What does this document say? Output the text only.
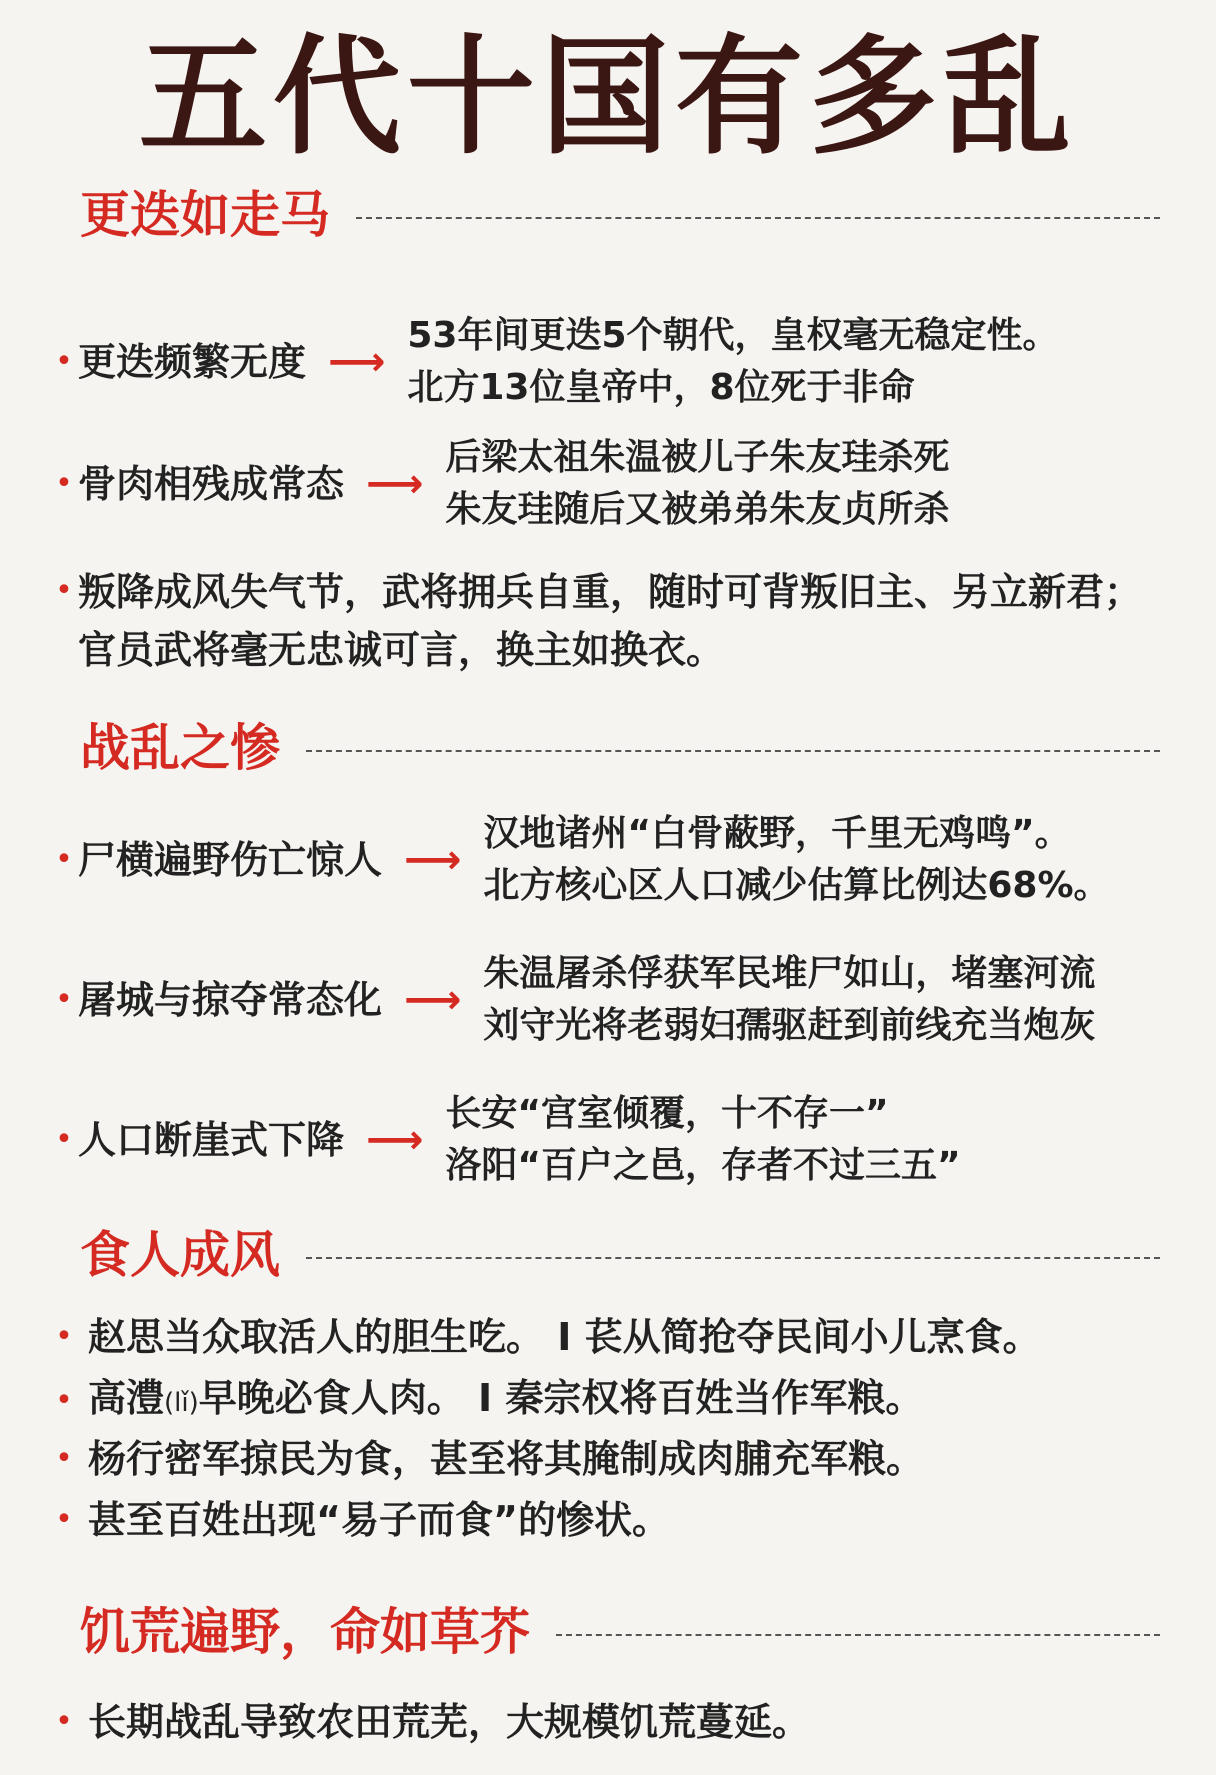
五代十国有多乱
更迭如走马
• 更迭频繁无度 ⟶
53年间更迭5个朝代，皇权毫无稳定性。
北方13位皇帝中，8位死于非命
• 骨肉相残成常态 ⟶
后梁太祖朱温被儿子朱友珪杀死
朱友珪随后又被弟弟朱友贞所杀
• 叛降成风失气节，武将拥兵自重，随时可背叛旧主、另立新君；官员武将毫无忠诚可言，换主如换衣。
战乱之惨
• 尸横遍野伤亡惊人 ⟶
汉地诸州“白骨蔽野，千里无鸡鸣”。
北方核心区人口减少估算比例达68%。
• 屠城与掠夺常态化 ⟶
朱温屠杀俘获军民堆尸如山，堵塞河流
刘守光将老弱妇孺驱赶到前线充当炮灰
• 人口断崖式下降 ⟶
长安“宫室倾覆，十不存一”
洛阳“百户之邑，存者不过三五”
食人成风
• 赵思当众取活人的胆生吃。 I 苌从简抢夺民间小儿烹食。
• 高澧(lǐ)早晚必食人肉。 I 秦宗权将百姓当作军粮。
• 杨行密军掠民为食，甚至将其腌制成肉脯充军粮。
• 甚至百姓出现“易子而食”的惨状。
饥荒遍野，命如草芥
• 长期战乱导致农田荒芜，大规模饥荒蔓延。
